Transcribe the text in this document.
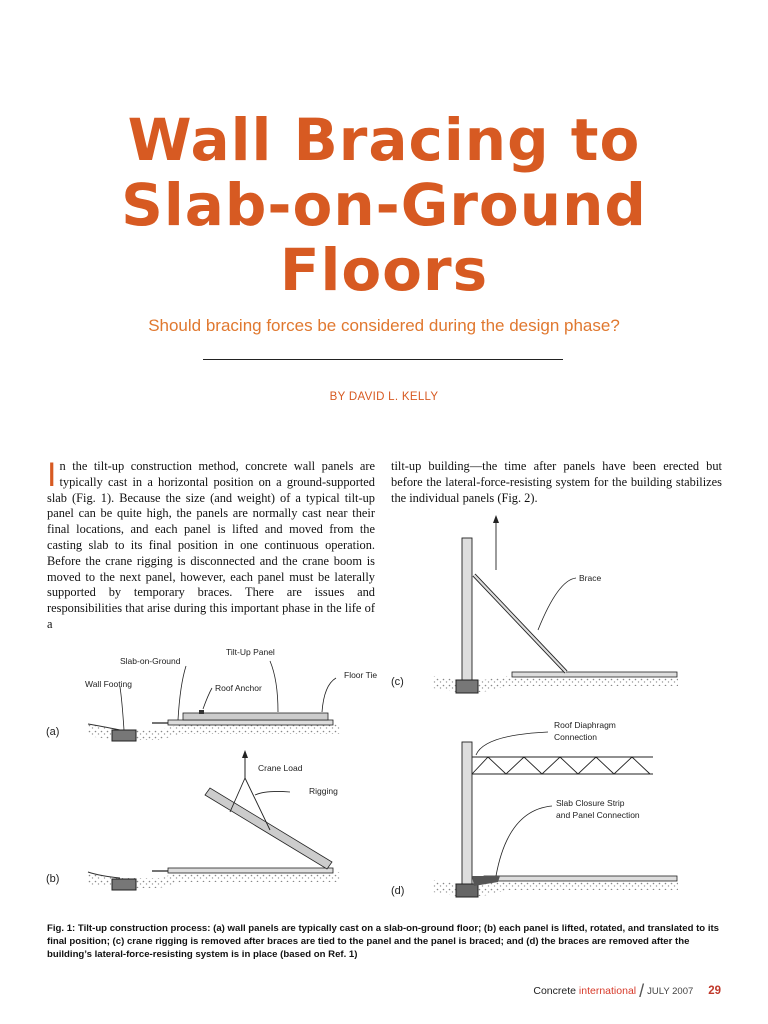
Wall Bracing to
Slab-on-Ground
Floors
Should bracing forces be considered during the design phase?
BY DAVID L. KELLY
In the tilt-up construction method, concrete wall panels are typically cast in a horizontal position on a ground-supported slab (Fig. 1). Because the size (and weight) of a typical tilt-up panel can be quite high, the panels are normally cast near their final locations, and each panel is lifted and moved from the casting slab to its final position in one continuous operation. Before the crane rigging is disconnected and the crane boom is moved to the next panel, however, each panel must be laterally supported by temporary braces. There are issues and responsibilities that arise during this important phase in the life of a
tilt-up building—the time after panels have been erected but before the lateral-force-resisting system for the building stabilizes the individual panels (Fig. 2).
Slab-on-Ground
Tilt-Up Panel
Floor Tie
Wall Footing	Roof Anchor
(a)
Crane Load
Rigging
(b)
Brace
(c)
Roof Diaphragm
Connection
Slab Closure Strip
and Panel Connection
(d)
Fig. 1: Tilt-up construction process: (a) wall panels are typically cast on a slab-on-ground floor; (b) each panel is lifted, rotated, and translated to its final position; (c) crane rigging is removed after braces are tied to the panel and the panel is braced; and (d) the braces are removed after the building’s lateral-force-resisting system is in place (based on Ref. 1)
Concrete international / JULY 2007 29
